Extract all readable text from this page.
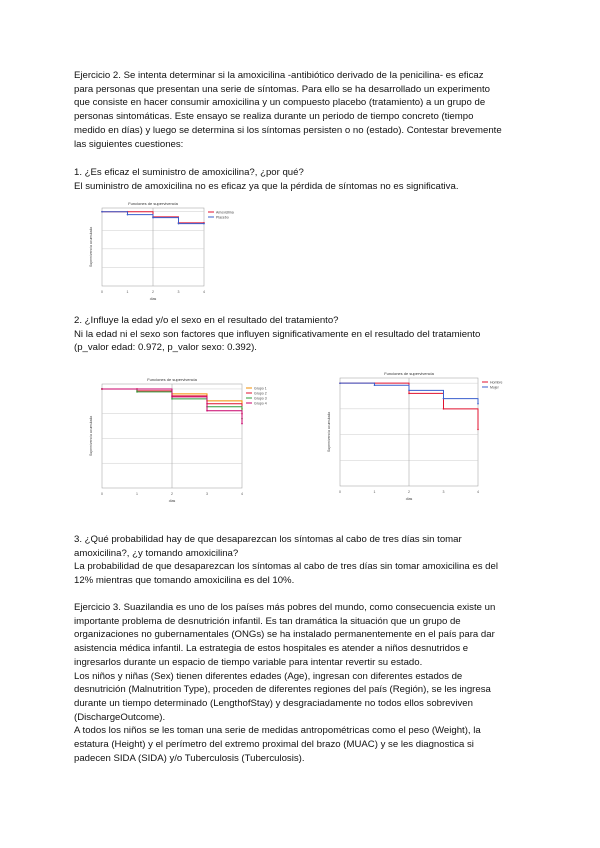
Ejercicio 2. Se intenta determinar si la amoxicilina -antibiótico derivado de la penicilina- es eficaz
para personas que presentan una serie de síntomas. Para ello se ha desarrollado un experimento
que consiste en hacer consumir amoxicilina y un compuesto placebo (tratamiento) a un grupo de
personas sintomáticas. Este ensayo se realiza durante un periodo de tiempo concreto (tiempo
medido en días) y luego se determina si los síntomas persisten o no (estado). Contestar brevemente
las siguientes cuestiones:

1. ¿Es eficaz el suministro de amoxicilina?, ¿por qué?
El suministro de amoxicilina no es eficaz ya que la pérdida de síntomas no es significativa.

0	1	2	3	4
Funciones de supervivencia
días
Supervivencia acumulada
Amoxicilina
Placebo

2. ¿Influye la edad y/o el sexo en el resultado del tratamiento?
Ni la edad ni el sexo son factores que influyen significativamente en el resultado del tratamiento
(p_valor edad: 0.972, p_valor sexo: 0.392).

0	1	2	3	4
Funciones de supervivencia
días
Supervivencia acumulada
Grupo 1
Grupo 2
Grupo 3
Grupo 4
0	1	2	3	4
Funciones de supervivencia
días
Supervivencia acumulada
Hombre
Mujer

3. ¿Qué probabilidad hay de que desaparezcan los síntomas al cabo de tres días sin tomar
amoxicilina?, ¿y tomando amoxicilina?
La probabilidad de que desaparezcan los síntomas al cabo de tres días sin tomar amoxicilina es del
12% mientras que tomando amoxicilina es del 10%.

Ejercicio 3. Suazilandia es uno de los países más pobres del mundo, como consecuencia existe un
importante problema de desnutrición infantil. Es tan dramática la situación que un grupo de
organizaciones no gubernamentales (ONGs) se ha instalado permanentemente en el país para dar
asistencia médica infantil. La estrategia de estos hospitales es atender a niños desnutridos e
ingresarlos durante un espacio de tiempo variable para intentar revertir su estado.
Los niños y niñas (Sex) tienen diferentes edades (Age), ingresan con diferentes estados de
desnutrición (Malnutrition Type), proceden de diferentes regiones del país (Región), se les ingresa
durante un tiempo determinado (LengthofStay) y desgraciadamente no todos ellos sobreviven
(DischargeOutcome).
A todos los niños se les toman una serie de medidas antropométricas como el peso (Weight), la
estatura (Height) y el perímetro del extremo proximal del brazo (MUAC) y se les diagnostica si
padecen SIDA (SIDA) y/o Tuberculosis (Tuberculosis).
